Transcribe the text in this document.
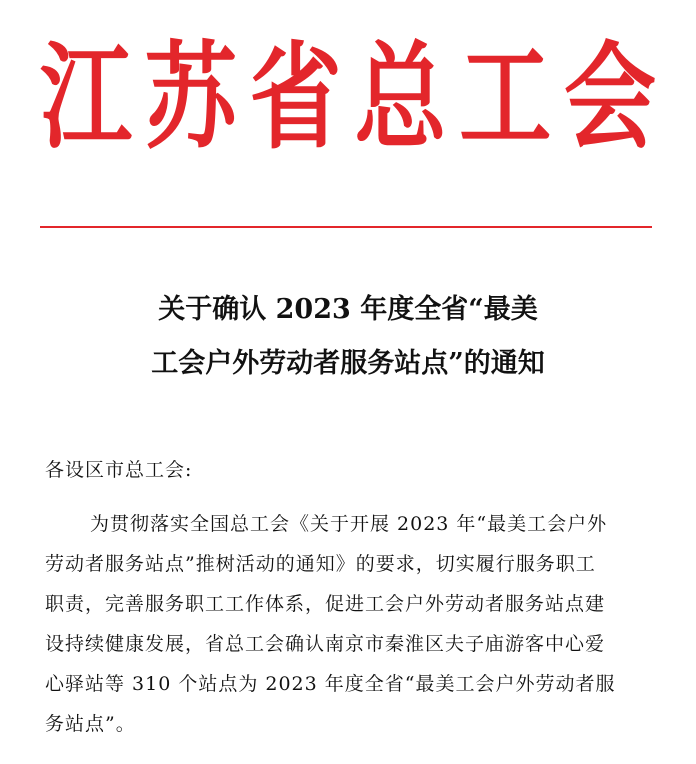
江 苏 省 总 工 会
关于确认 2023 年度全省“最美
工会户外劳动者服务站点”的通知
各设区市总工会:
为贯彻落实全国总工会《关于开展 2023 年“最美工会户外
劳动者服务站点”推树活动的通知》的要求，切实履行服务职工
职责，完善服务职工工作体系，促进工会户外劳动者服务站点建
设持续健康发展，省总工会确认南京市秦淮区夫子庙游客中心爱
心驿站等 310 个站点为 2023 年度全省“最美工会户外劳动者服
务站点”。
